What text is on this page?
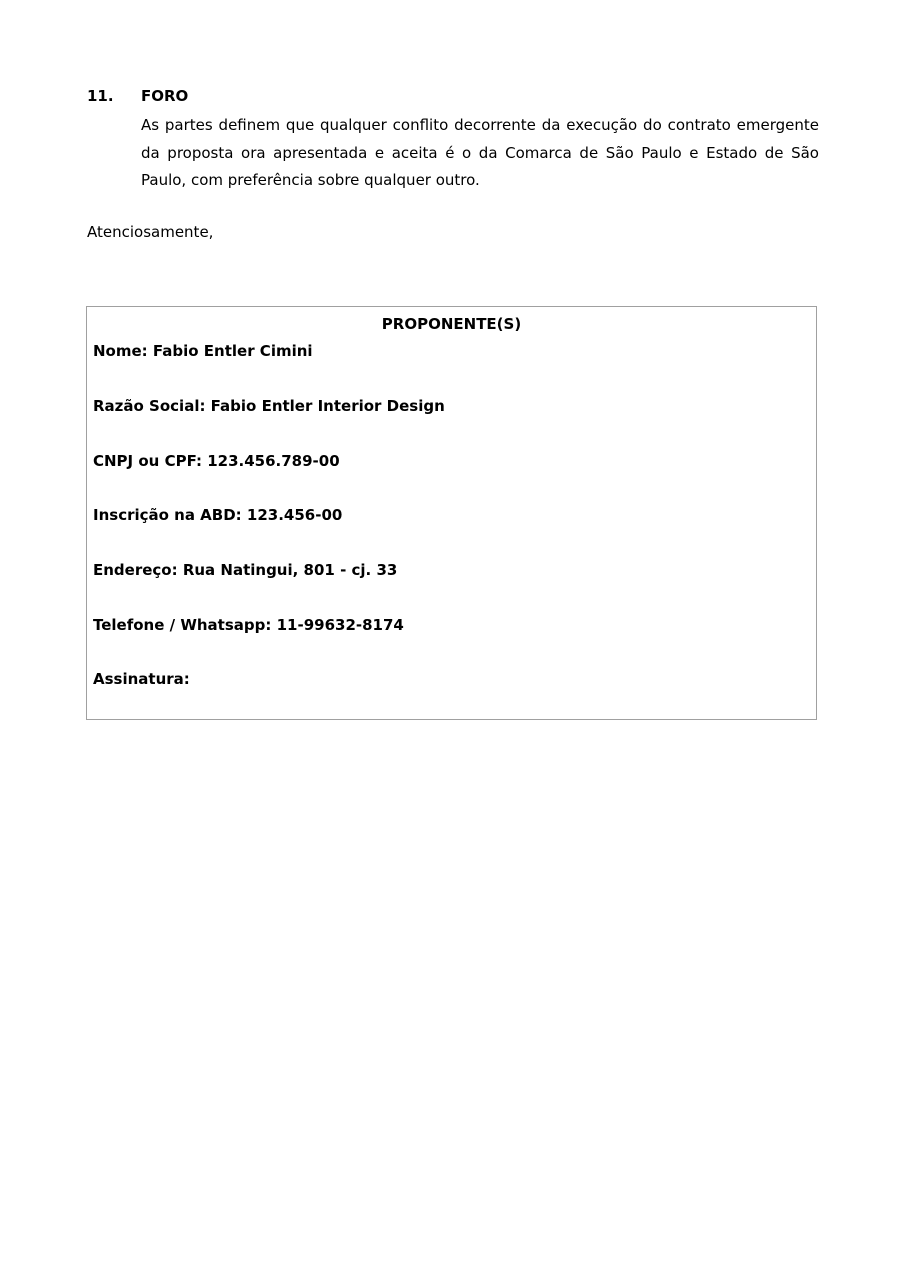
11. FORO
As partes definem que qualquer conflito decorrente da execução do contrato emergente da proposta ora apresentada e aceita é o da Comarca de São Paulo e Estado de São Paulo, com preferência sobre qualquer outro.
Atenciosamente,
PROPONENTE(S)
Nome: Fabio Entler Cimini
Razão Social: Fabio Entler Interior Design
CNPJ ou CPF: 123.456.789-00
Inscrição na ABD: 123.456-00
Endereço: Rua Natingui, 801 - cj. 33
Telefone / Whatsapp: 11-99632-8174
Assinatura:
